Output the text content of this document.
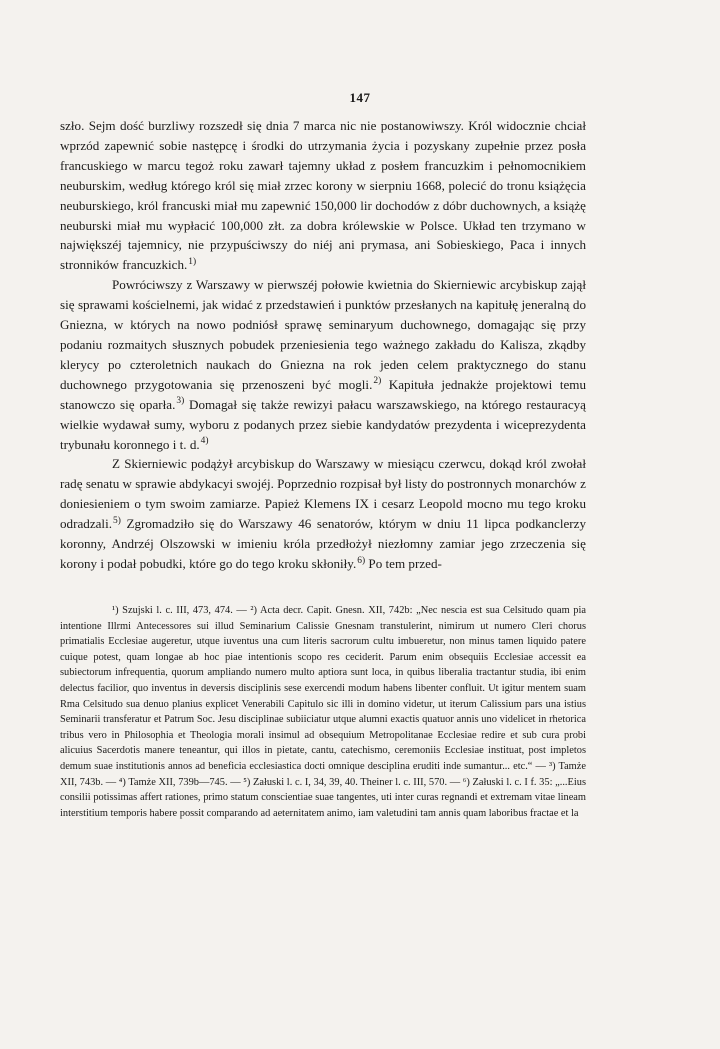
147

szło. Sejm dość burzliwy rozszedł się dnia 7 marca nic nie postanowiwszy. Król widocznie chciał wprzód zapewnić sobie następcę i środki do utrzymania życia i pozyskany zupełnie przez posła francuskiego w marcu tegoż roku zawarł tajemny układ z posłem francuzkim i pełnomocnikiem neuburskim, według którego król się miał zrzec korony w sierpniu 1668, polecić do tronu książęcia neuburskiego, król francuski miał mu zapewnić 150,000 lir dochodów z dóbr duchownych, a książę neuburski miał mu wypłacić 100,000 złt. za dobra królewskie w Polsce. Układ ten trzymano w największéj tajemnicy, nie przypuściwszy do niéj ani prymasa, ani Sobieskiego, Paca i innych stronników francuzkich.$^{1)}$

Powróciwszy z Warszawy w pierwszéj połowie kwietnia do Skierniewic arcybiskup zajął się sprawami kościelnemi, jak widać z przedstawień i punktów przesłanych na kapitułę jeneralną do Gniezna, w których na nowo podniósł sprawę seminaryum duchownego, domagając się przy podaniu rozmaitych słusznych pobudek przeniesienia tego ważnego zakładu do Kalisza, zkądby klerycy po czteroletnich naukach do Gniezna na rok jeden celem praktycznego do stanu duchownego przygotowania się przenoszeni być mogli.$^{2)}$ Kapituła jednakże projektowi temu stanowczo się oparła.$^{3)}$ Domagał się także rewizyi pałacu warszawskiego, na którego restauracyą wielkie wydawał sumy, wyboru z podanych przez siebie kandydatów prezydenta i wiceprezydenta trybunału koronnego i t. d.$^{4)}$

Z Skierniewic podążył arcybiskup do Warszawy w miesiącu czerwcu, dokąd król zwołał radę senatu w sprawie abdykacyi swojéj. Poprzednio rozpisał był listy do postronnych monarchów z doniesieniem o tym swoim zamiarze. Papież Klemens IX i cesarz Leopold mocno mu tego kroku odradzali.$^{5)}$ Zgromadziło się do Warszawy 46 senatorów, którym w dniu 11 lipca podkanclerzy koronny, Andrzéj Olszowski w imieniu króla przedłożył niezłomny zamiar jego zrzeczenia się korony i podał pobudki, które go do tego kroku skłoniły.$^{6)}$ Po tem przed-

¹) Szujski l. c. III, 473, 474. — ²) Acta decr. Capit. Gnesn. XII, 742b: „Nec nescia est sua Celsitudo quam pia intentione Illrmi Antecessores sui illud Seminarium Calissie Gnesnam transtulerint, nimirum ut numero Cleri chorus primatialis Ecclesiae augeretur, utque iuventus una cum literis sacrorum cultu imbueretur, non minus tamen liquido patere cuique potest, quam longae ab hoc piae intentionis scopo res ceciderit. Parum enim obsequiis Ecclesiae accessit ea subiectorum infrequentia, quorum ampliando numero multo aptiora sunt loca, in quibus liberalia tractantur studia, ibi enim delectus facilior, quo inventus in deversis disciplinis sese exercendi modum habens libenter confluit. Ut igitur mentem suam Rma Celsitudo sua denuo planius explicet Venerabili Capitulo sic illi in domino videtur, ut iterum Calissium pars una istius Seminarii transferatur et Patrum Soc. Jesu disciplinae subiiciatur utque alumni exactis quatuor annis uno videlicet in rhetorica tribus vero in Philosophia et Theologia morali insimul ad obsequium Metropolitanae Ecclesiae redire et sub cura probi alicuius Sacerdotis manere teneantur, qui illos in pietate, cantu, catechismo, ceremoniis Ecclesiae instituat, post impletos demum suae institutionis annos ad beneficia ecclesiastica docti omnique desciplina eruditi inde sumantur... etc.“ — ³) Tamże XII, 743b. — ⁴) Tamże XII, 739b—745. — ⁵) Załuski l. c. I, 34, 39, 40. Theiner l. c. III, 570. — ⁶) Załuski l. c. I f. 35: „...Eius consilii potissimas affert rationes, primo statum conscientiae suae tangentes, uti inter curas regnandi et extremam vitae lineam interstitium temporis habere possit comparando ad aeternitatem animo, iam valetudini tam annis quam laboribus fractae et la
